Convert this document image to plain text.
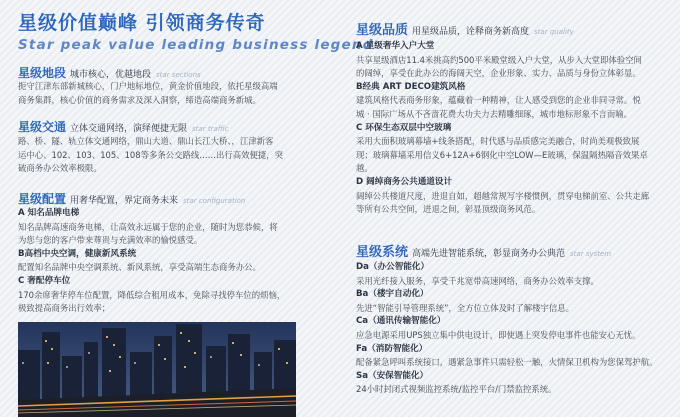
星级价值巅峰 引领商务传奇
Star peak value leading business legend
星级地段 城市核心，优越地段 star sections
扼守江津东部新城核心，门户地标地位，黄金价值地段，依托星级高端
商务集群，核心价值的商务需求及深入洞察，缔造高端商务新城。
星级交通 立体交通网络，演绎便捷无限 star traffic
路、桥、隧、轨立体交通网络，鼎山大道、鼎山长江大桥、，江津新客
运中心、102、103、105、108等多条公交路线……出行高效便捷，突
破商务办公效率极限。
星级配置 用奢华配置，界定商务未来 star configuration
A 知名品牌电梯
知名品牌高速商务电梯，让高效永远属于您的企业，随时为您恭候，将
为您与您的客户带来尊贵与充满效率的愉悦感受。
B高档中央空调，健康新风系统
配置知名品牌中央空调系统、新风系统，享受高端生态商务办公。
C 奢配停车位
170余席奢华停车位配置，降低综合租用成本，免除寻找停车位的烦恼，
极致提高商务出行效率；
星级品质 用星级品质，诠释商务新高度 star quality
A 星级奢华入户大堂
共享星级酒店11.4米挑高约500平米殿堂级入户大堂，从步入大堂即体验空间
的阔绰，享受在此办公的海阔天空，企业形象、实力、品质与身份立体彰显。
B经典 ART DECO建筑风格
建筑风格代表商务形象，蕴藏着一种精神，让人感受到您的企业非同寻常。悦
城 · 国际广场从不吝啬花费大功夫力去精雕细琢，城市地标形象不言而喻。
C 环保生态双层中空玻璃
采用大面积玻璃幕墙+线条搭配，时代感与品质感完美融合，时尚美观极致展
现；玻璃幕墙采用信义6+12A+6钢化中空LOW—E玻璃，保温隔热隔音效果卓
越。
D 阔绰商务公共通道设计
阔绰公共楼道尺度，进退自如，超越常规写字楼惯例，贯穿电梯前室、公共走廊
等所有公共空间，进退之间，彰显顶级商务风范。
星级系统 高端先进智能系统，彰显商务办公典范 star system
Da（办公智能化）
采用光纤接入服务，享受千兆宽带高速网络，商务办公效率支撑。
Ba（楼宇自动化）
先进“智能引导管理系统”，全方位立体及时了解楼宇信息。
Ca（通讯传输智能化）
应急电源采用UPS独立集中供电设计，即使遇上突发停电事件也能安心无忧。
Fa（消防智能化）
配备紧急呼叫系统接口，遇紧急事件只需轻松一触，火情保卫机构为您保驾护航。
Sa（安保智能化）
24小时封闭式视频监控系统/监控平台/门禁监控系统。
